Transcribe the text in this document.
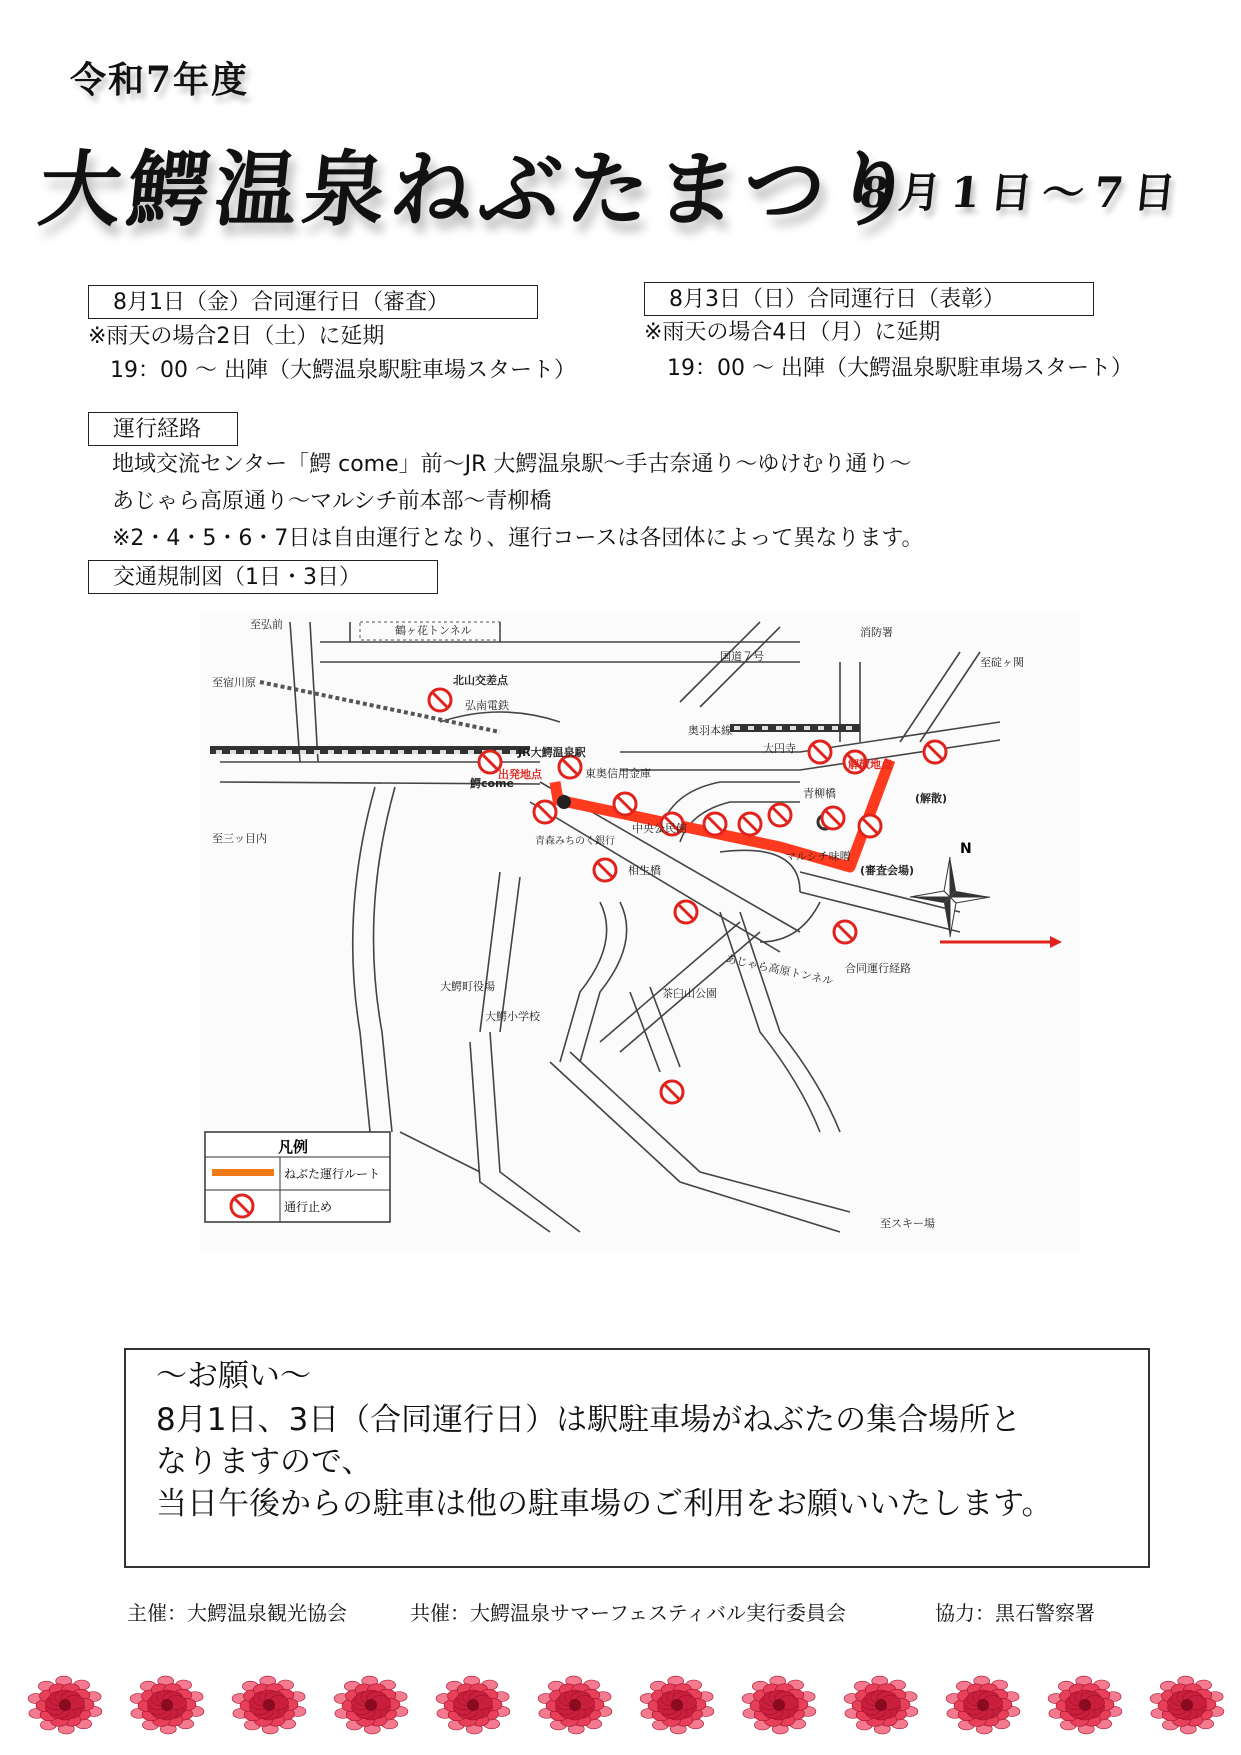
令和7年度
大鰐温泉ねぶたまつり
8月1日～7日
8月1日（金）合同運行日（審査）
※雨天の場合2日（土）に延期
19：00 ～ 出陣（大鰐温泉駅駐車場スタート）
8月3日（日）合同運行日（表彰）
※雨天の場合4日（月）に延期
19：00 ～ 出陣（大鰐温泉駅駐車場スタート）
運行経路
地域交流センター「鰐 come」前～JR 大鰐温泉駅～手古奈通り～ゆけむり通り～
あじゃら高原通り～マルシチ前本部～青柳橋
※2・4・5・6・7日は自由運行となり、運行コースは各団体によって異なります。
交通規制図（1日・3日）
N
至弘前	鶴ヶ花トンネル	消防署
国道７号	至碇ヶ関
至宿川原	北山交差点
弘南電鉄
奥羽本線
大円寺
JR大鰐温泉駅
出発地点
鰐come
東奥信用金庫
解散地点
青柳橋	(解散)
至三ッ目内	青森みちのく銀行
中央公民館
マルシチ味噌
(審査会場)
相生橋
あじゃら高原トンネル 合同運行経路
大鰐町役場
茶臼山公園
大鰐小学校
至スキー場
凡例
ねぶた運行ルート
通行止め
～お願い～
8月1日、3日（合同運行日）は駅駐車場がねぶたの集合場所と
なりますので、
当日午後からの駐車は他の駐車場のご利用をお願いいたします。
主催：大鰐温泉観光協会	共催：大鰐温泉サマーフェスティバル実行委員会	協力：黒石警察署
